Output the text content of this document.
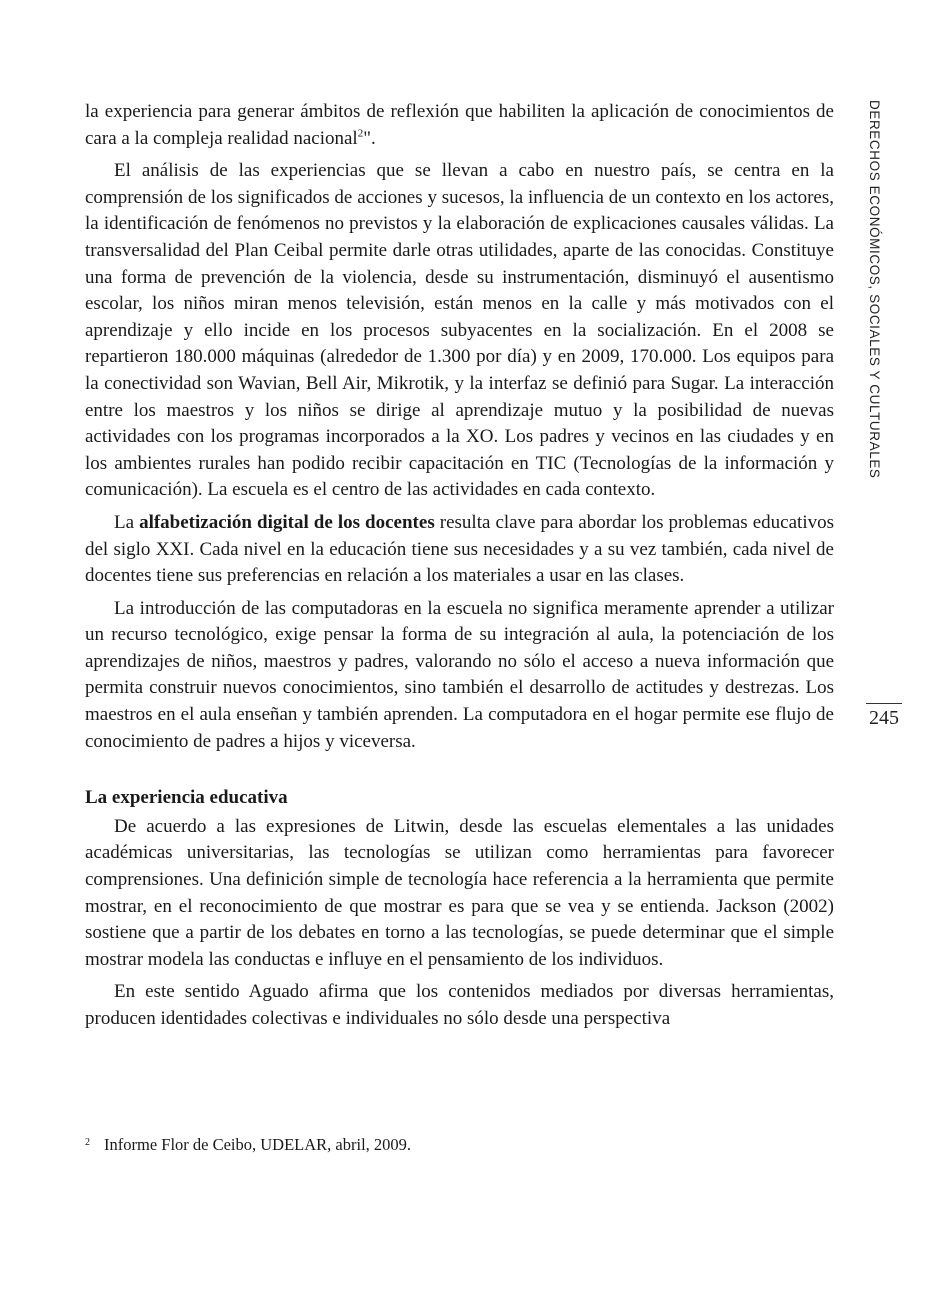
la experiencia para generar ámbitos de reflexión que habiliten la aplicación de conocimientos de cara a la compleja realidad nacional$^2$".

El análisis de las experiencias que se llevan a cabo en nuestro país, se centra en la comprensión de los significados de acciones y sucesos, la influencia de un contexto en los actores, la identificación de fenómenos no previstos y la elaboración de explicaciones causales válidas. La transversalidad del Plan Ceibal permite darle otras utilidades, aparte de las conocidas. Constituye una forma de prevención de la violencia, desde su instrumentación, disminuyó el ausentismo escolar, los niños miran menos televisión, están menos en la calle y más motivados con el aprendizaje y ello incide en los procesos subyacentes en la socialización. En el 2008 se repartieron 180.000 máquinas (alrededor de 1.300 por día) y en 2009, 170.000. Los equipos para la conectividad son Wavian, Bell Air, Mikrotik, y la interfaz se definió para Sugar. La interacción entre los maestros y los niños se dirige al aprendizaje mutuo y la posibilidad de nuevas actividades con los programas incorporados a la XO. Los padres y vecinos en las ciudades y en los ambientes rurales han podido recibir capacitación en TIC (Tecnologías de la información y comunicación). La escuela es el centro de las actividades en cada contexto.

La alfabetización digital de los docentes resulta clave para abordar los problemas educativos del siglo XXI. Cada nivel en la educación tiene sus necesidades y a su vez también, cada nivel de docentes tiene sus preferencias en relación a los materiales a usar en las clases.

La introducción de las computadoras en la escuela no significa meramente aprender a utilizar un recurso tecnológico, exige pensar la forma de su integración al aula, la potenciación de los aprendizajes de niños, maestros y padres, valorando no sólo el acceso a nueva información que permita construir nuevos conocimientos, sino también el desarrollo de actitudes y destrezas. Los maestros en el aula enseñan y también aprenden. La computadora en el hogar permite ese flujo de conocimiento de padres a hijos y viceversa.

La experiencia educativa

De acuerdo a las expresiones de Litwin, desde las escuelas elementales a las unidades académicas universitarias, las tecnologías se utilizan como herramientas para favorecer comprensiones. Una definición simple de tecnología hace referencia a la herramienta que permite mostrar, en el reconocimiento de que mostrar es para que se vea y se entienda. Jackson (2002) sostiene que a partir de los debates en torno a las tecnologías, se puede determinar que el simple mostrar modela las conductas e influye en el pensamiento de los individuos.

En este sentido Aguado afirma que los contenidos mediados por diversas herramientas, producen identidades colectivas e individuales no sólo desde una perspectiva

$^2$ Informe Flor de Ceibo, UDELAR, abril, 2009.
DERECHOS ECONÓMICOS, SOCIALES Y CULTURALES
245
